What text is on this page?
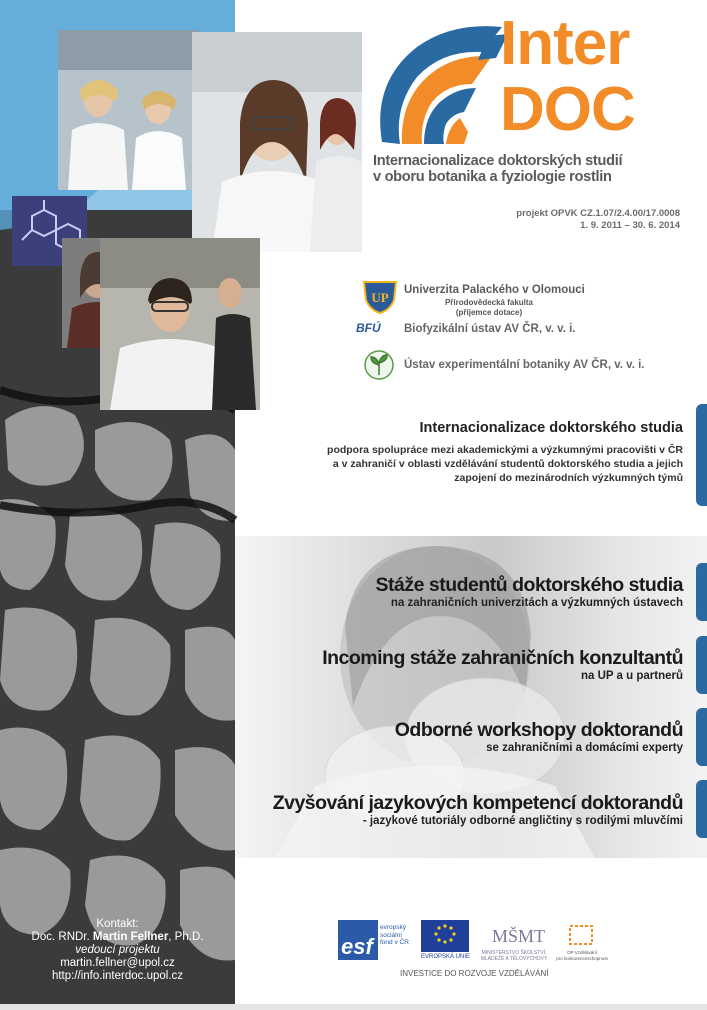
Kontakt:
Doc. RNDr. Martin Fellner, Ph.D.
vedoucí projektu
martin.fellner@upol.cz
http://info.interdoc.upol.cz
Inter
DOC
Internacionalizace doktorských studií
v oboru botanika a fyziologie rostlin
projekt OPVK CZ.1.07/2.4.00/17.0008
1. 9. 2011 – 30. 6. 2014
UP Univerzita Palackého v Olomouci
Přírodovědecká fakulta
(příjemce dotace)
BFÚ Biofyzikální ústav AV ČR, v. v. i.
Ústav experimentální botaniky AV ČR, v. v. i.
Internacionalizace doktorského studia
podpora spolupráce mezi akademickými a výzkumnými pracovišti v ČR
a v zahraničí v oblasti vzdělávání studentů doktorského studia a jejich
zapojení do mezinárodních výzkumných týmů
Stáže studentů doktorského studia
na zahraničních univerzitách a výzkumných ústavech
Incoming stáže zahraničních konzultantů
na UP a u partnerů
Odborné workshopy doktorandů
se zahraničními a domácími experty
Zvyšování jazykových kompetencí doktorandů
- jazykové tutoriály odborné angličtiny s rodilými mluvčími
esf
evropský
sociální
fond v ČR
EVROPSKÁ UNIE
MŠMT
MINISTERSTVO ŠKOLSTVÍ,
MLÁDEŽE A TĚLOVÝCHOVY
OP Vzdělávání
pro konkurenceschopnost
INVESTICE DO ROZVOJE VZDĚLÁVÁNÍ
